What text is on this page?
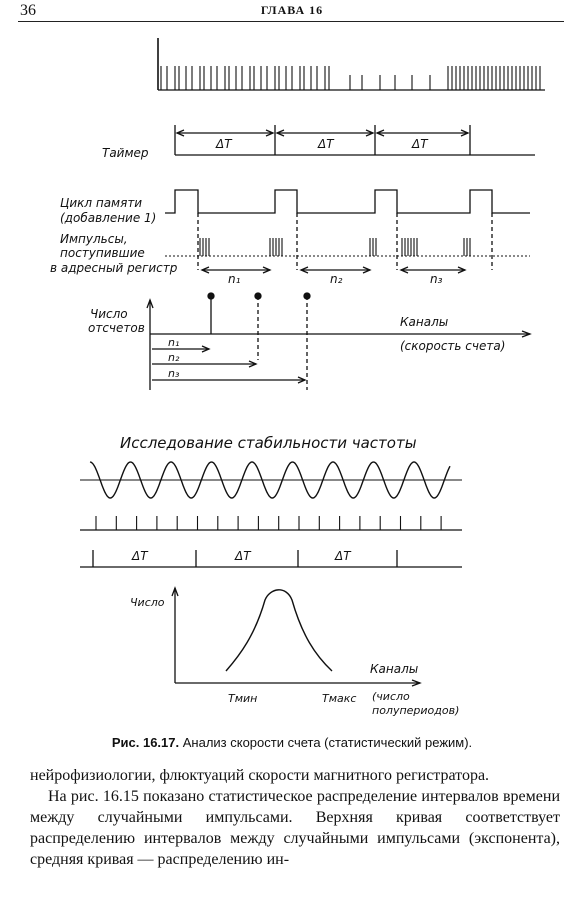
36	ГЛАВА 16
Таймер
ΔT	ΔT	ΔT
Цикл памяти
(добавление 1)
Импульсы,
поступившие
в адресный регистр
n₁	n₂	n₃
Число
отсчетов	Каналы
(скорость счета)
n₁
n₂
n₃
Исследование стабильности частоты
ΔT	ΔT	ΔT
Число
Каналы
(число
полупериодов)
Tмин	Tмакс
Рис. 16.17. Анализ скорости счета (статистический режим).

нейрофизиологии, флюктуаций скорости магнитного регистратора.

На рис. 16.15 показано статистическое распределение интервалов времени между случайными импульсами. Верхняя кривая соответствует распределению интервалов между случайными импульсами (экспонента), средняя кривая — распределению ин-
